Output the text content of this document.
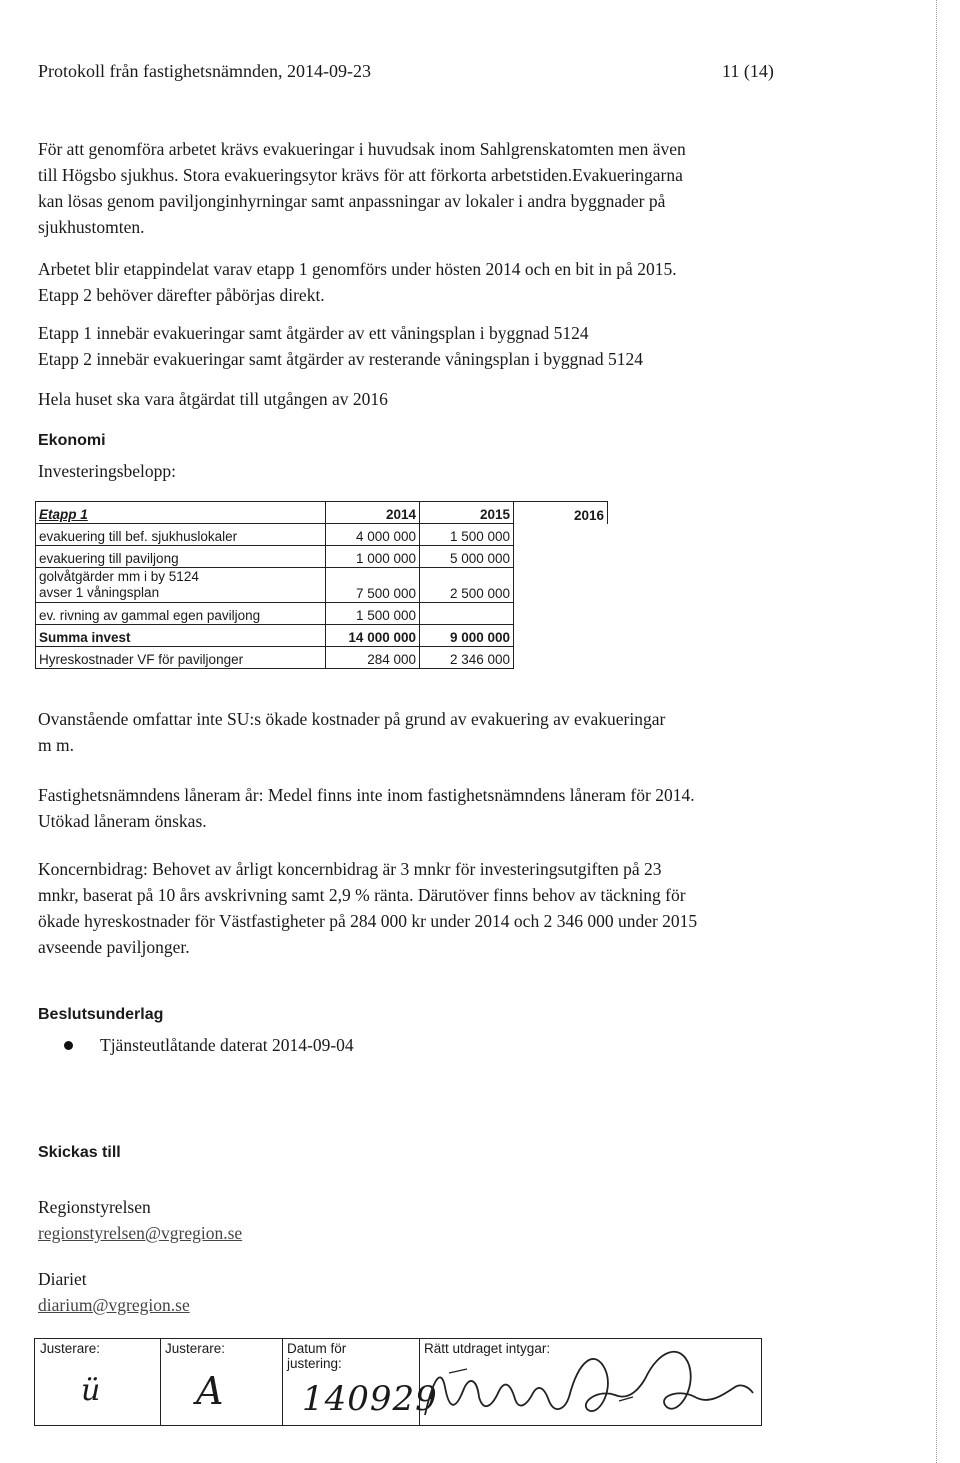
Protokoll från fastighetsnämnden, 2014-09-23	11 (14)
För att genomföra arbetet krävs evakueringar i huvudsak inom Sahlgrenskatomten men även
till Högsbo sjukhus. Stora evakueringsytor krävs för att förkorta arbetstiden.Evakueringarna
kan lösas genom paviljonginhyrningar samt anpassningar av lokaler i andra byggnader på
sjukhustomten.
Arbetet blir etappindelat varav etapp 1 genomförs under hösten 2014 och en bit in på 2015.
Etapp 2 behöver därefter påbörjas direkt.
Etapp 1 innebär evakueringar samt åtgärder av ett våningsplan i byggnad 5124
Etapp 2 innebär evakueringar samt åtgärder av resterande våningsplan i byggnad 5124
Hela huset ska vara åtgärdat till utgången av 2016
Ekonomi
Investeringsbelopp:
Etapp 1	2014	2015	2016
evakuering till bef. sjukhuslokaler	4 000 000	1 500 000	
evakuering till paviljong	1 000 000	5 000 000	

golvåtgärder mm i by 5124
avser 1 våningsplan	7 500 000	2 500 000	
ev. rivning av gammal egen paviljong	1 500 000		
Summa invest	14 000 000	9 000 000	
Hyreskostnader VF för paviljonger	284 000	2 346 000	
Ovanstående omfattar inte SU:s ökade kostnader på grund av evakuering av evakueringar
m m.
Fastighetsnämndens låneram år: Medel finns inte inom fastighetsnämndens låneram för 2014.
Utökad låneram önskas.
Koncernbidrag: Behovet av årligt koncernbidrag är 3 mnkr för investeringsutgiften på 23
mnkr, baserat på 10 års avskrivning samt 2,9 % ränta. Därutöver finns behov av täckning för
ökade hyreskostnader för Västfastigheter på 284 000 kr under 2014 och 2 346 000 under 2015
avseende paviljonger.
Beslutsunderlag
Tjänsteutlåtande daterat 2014-09-04
Skickas till
Regionstyrelsen
regionstyrelsen@vgregion.se
Diariet
diarium@vgregion.se
Justerare:
ü
Justerare:
A
Datum för
justering:
140929
Rätt utdraget intygar:
